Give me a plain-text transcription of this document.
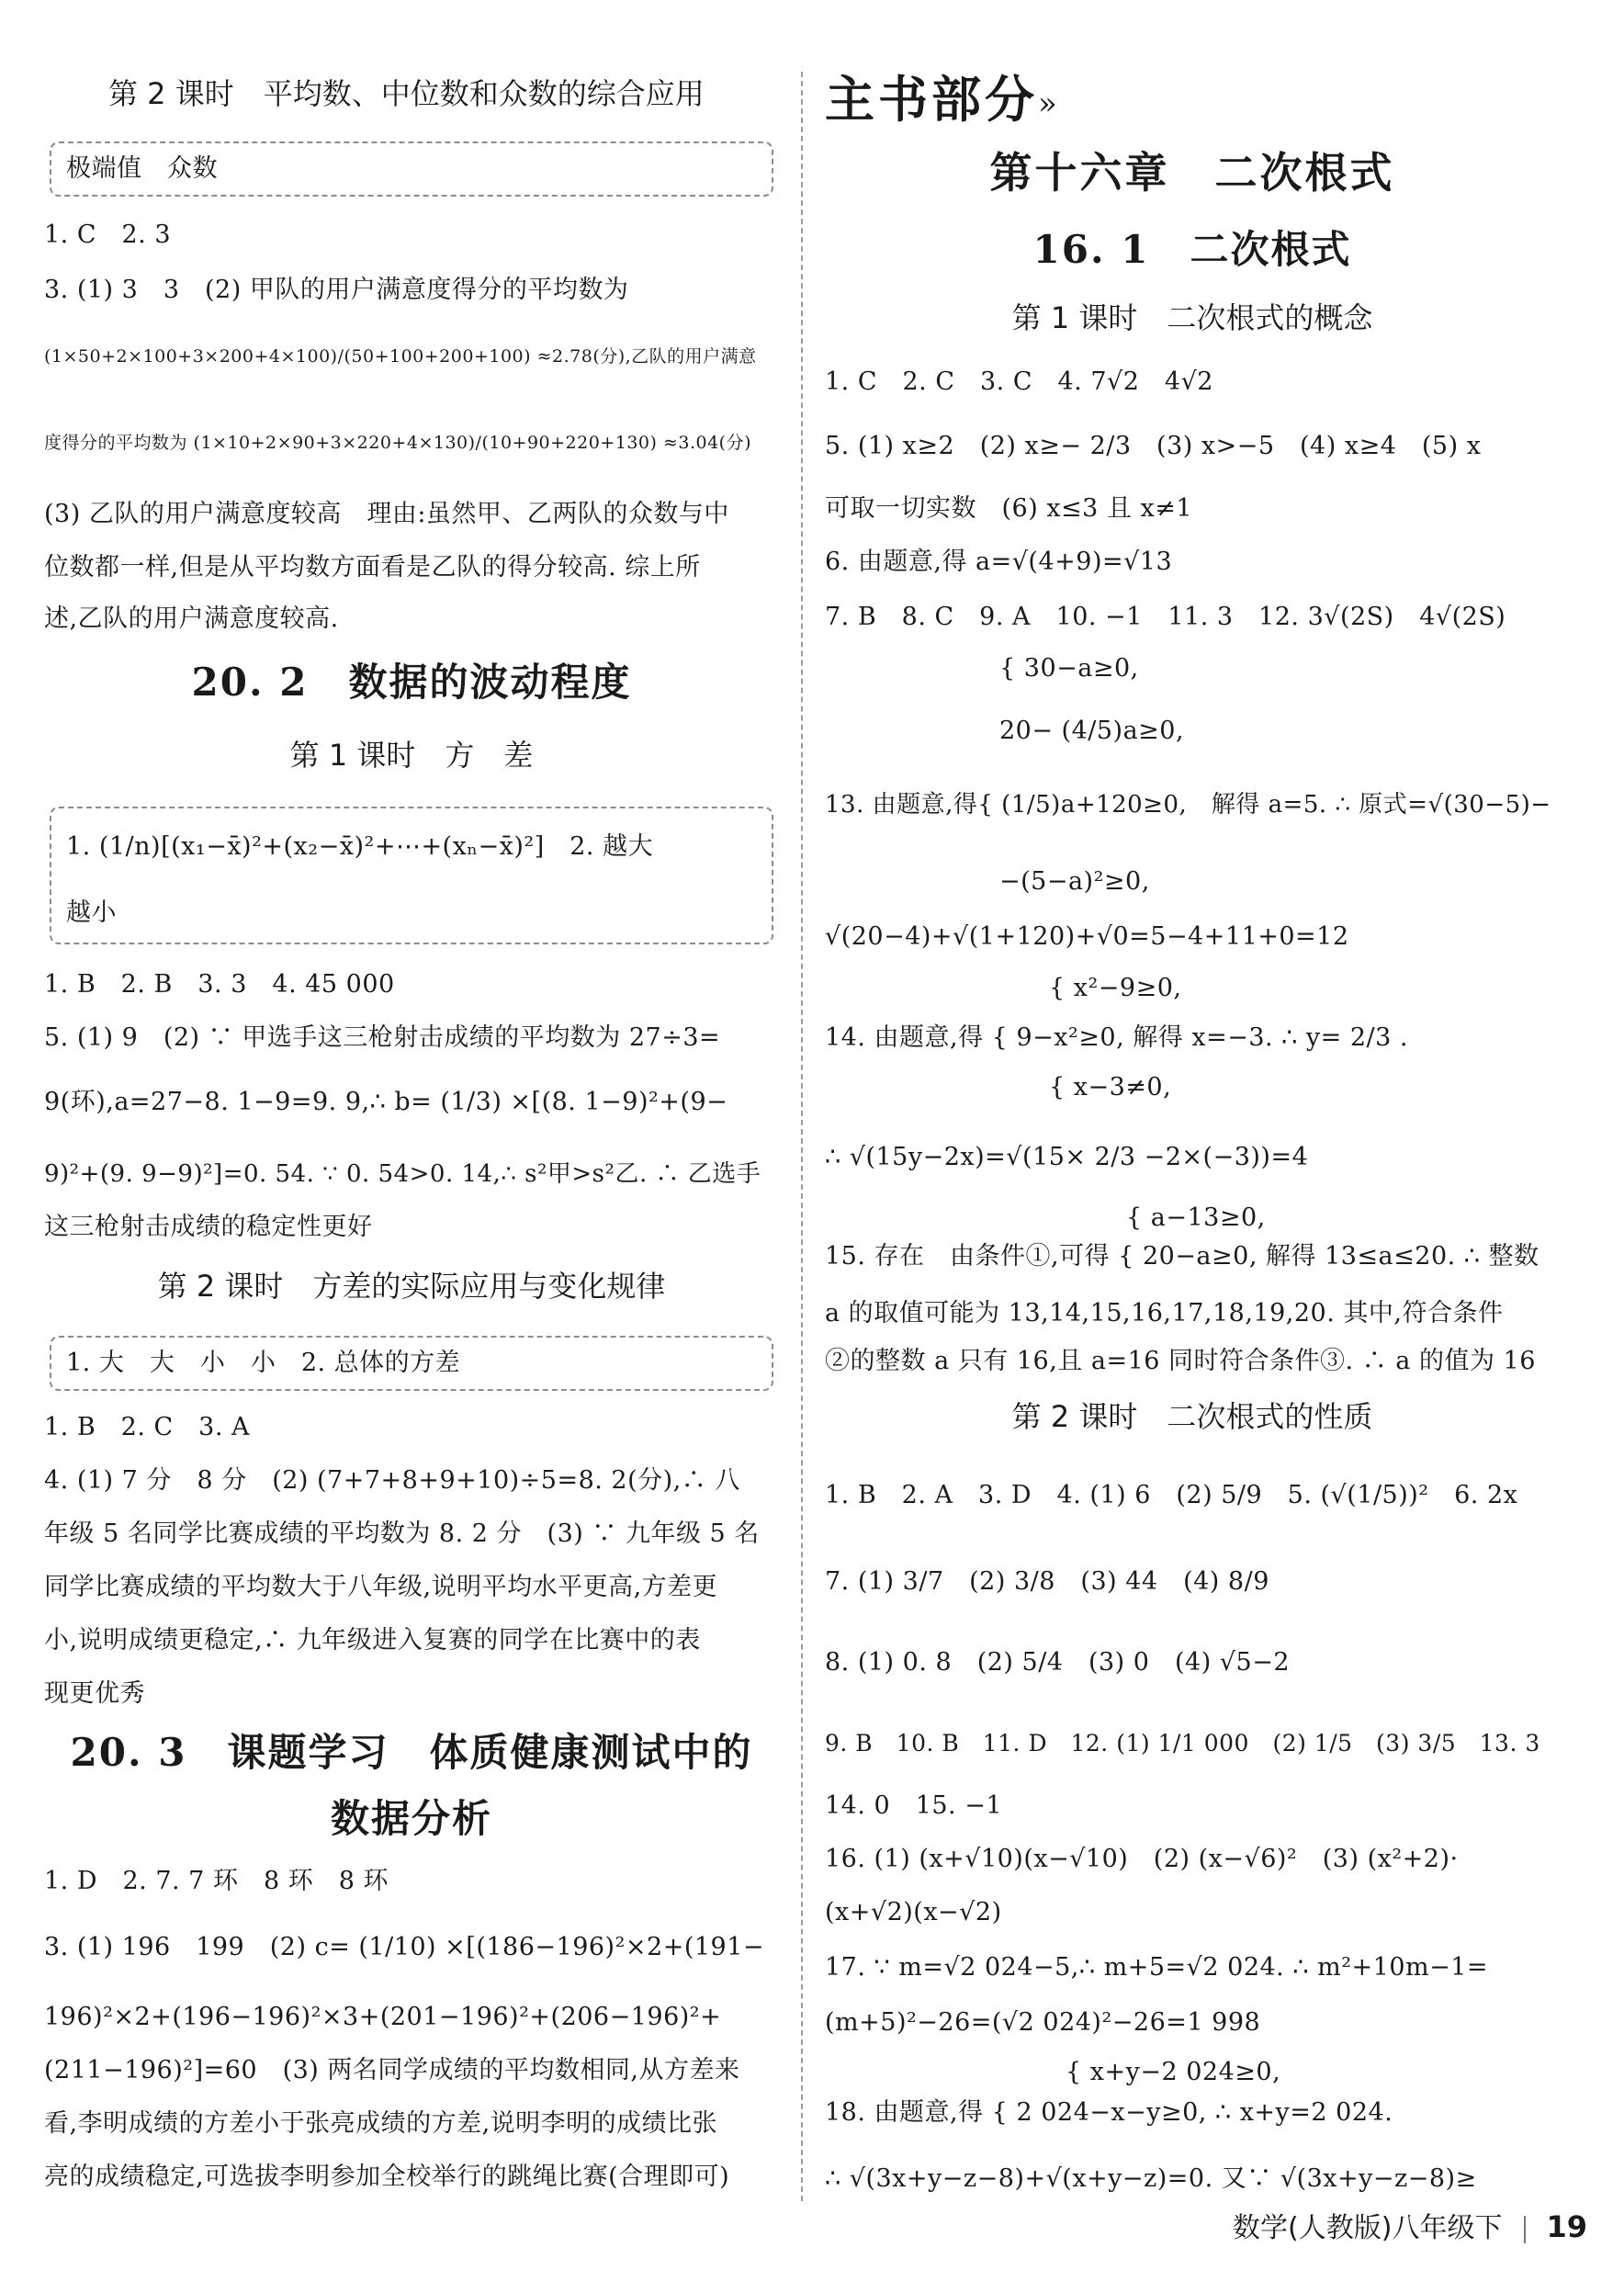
第 2 课时　平均数、中位数和众数的综合应用
极端值　众数
1. C　2. 3
3. (1) 3　3　(2) 甲队的用户满意度得分的平均数为
(1×50+2×100+3×200+4×100)/(50+100+200+100) ≈2.78(分),乙队的用户满意
度得分的平均数为 (1×10+2×90+3×220+4×130)/(10+90+220+130) ≈3.04(分)
(3) 乙队的用户满意度较高　理由:虽然甲、乙两队的众数与中
位数都一样,但是从平均数方面看是乙队的得分较高. 综上所
述,乙队的用户满意度较高.
20. 2　数据的波动程度
第 1 课时　方　差
1. (1/n)[(x₁−x̄)²+(x₂−x̄)²+⋯+(xₙ−x̄)²]　2. 越大
越小
1. B　2. B　3. 3　4. 45 000
5. (1) 9　(2) ∵ 甲选手这三枪射击成绩的平均数为 27÷3=
9(环),a=27−8. 1−9=9. 9,∴ b= (1/3) ×[(8. 1−9)²+(9−
9)²+(9. 9−9)²]=0. 54. ∵ 0. 54>0. 14,∴ s²甲>s²乙. ∴ 乙选手
这三枪射击成绩的稳定性更好
第 2 课时　方差的实际应用与变化规律
1. 大　大　小　小　2. 总体的方差
1. B　2. C　3. A
4. (1) 7 分　8 分　(2) (7+7+8+9+10)÷5=8. 2(分),∴ 八
年级 5 名同学比赛成绩的平均数为 8. 2 分　(3) ∵ 九年级 5 名
同学比赛成绩的平均数大于八年级,说明平均水平更高,方差更
小,说明成绩更稳定,∴ 九年级进入复赛的同学在比赛中的表
现更优秀
20. 3　课题学习　体质健康测试中的
数据分析
1. D　2. 7. 7 环　8 环　8 环
3. (1) 196　199　(2) c= (1/10) ×[(186−196)²×2+(191−
196)²×2+(196−196)²×3+(201−196)²+(206−196)²+
(211−196)²]=60　(3) 两名同学成绩的平均数相同,从方差来
看,李明成绩的方差小于张亮成绩的方差,说明李明的成绩比张
亮的成绩稳定,可选拔李明参加全校举行的跳绳比赛(合理即可)
主书部分»
第十六章　二次根式
16. 1　二次根式
第 1 课时　二次根式的概念
1. C　2. C　3. C　4. 7√2　4√2
5. (1) x≥2　(2) x≥− 2/3　(3) x>−5　(4) x≥4　(5) x
可取一切实数　(6) x≤3 且 x≠1
6. 由题意,得 a=√(4+9)=√13
7. B　8. C　9. A　10. −1　11. 3　12. 3√(2S)　4√(2S)
{ 30−a≥0,
20− (4/5)a≥0,
13. 由题意,得{ (1/5)a+120≥0,　解得 a=5. ∴ 原式=√(30−5)−
−(5−a)²≥0,
√(20−4)+√(1+120)+√0=5−4+11+0=12
{ x²−9≥0,
14. 由题意,得 { 9−x²≥0, 解得 x=−3. ∴ y= 2/3 .
{ x−3≠0,
∴ √(15y−2x)=√(15× 2/3 −2×(−3))=4
{ a−13≥0,
15. 存在　由条件①,可得 { 20−a≥0, 解得 13≤a≤20. ∴ 整数
a 的取值可能为 13,14,15,16,17,18,19,20. 其中,符合条件
②的整数 a 只有 16,且 a=16 同时符合条件③. ∴ a 的值为 16
第 2 课时　二次根式的性质
1. B　2. A　3. D　4. (1) 6　(2) 5/9　5. (√(1/5))²　6. 2x
7. (1) 3/7　(2) 3/8　(3) 44　(4) 8/9
8. (1) 0. 8　(2) 5/4　(3) 0　(4) √5−2
9. B　10. B　11. D　12. (1) 1/1 000　(2) 1/5　(3) 3/5　13. 3
14. 0　15. −1
16. (1) (x+√10)(x−√10)　(2) (x−√6)²　(3) (x²+2)·
(x+√2)(x−√2)
17. ∵ m=√2 024−5,∴ m+5=√2 024. ∴ m²+10m−1=
(m+5)²−26=(√2 024)²−26=1 998
{ x+y−2 024≥0,
18. 由题意,得 { 2 024−x−y≥0, ∴ x+y=2 024.
∴ √(3x+y−z−8)+√(x+y−z)=0. 又∵ √(3x+y−z−8)≥
数学(人教版)八年级下 19
